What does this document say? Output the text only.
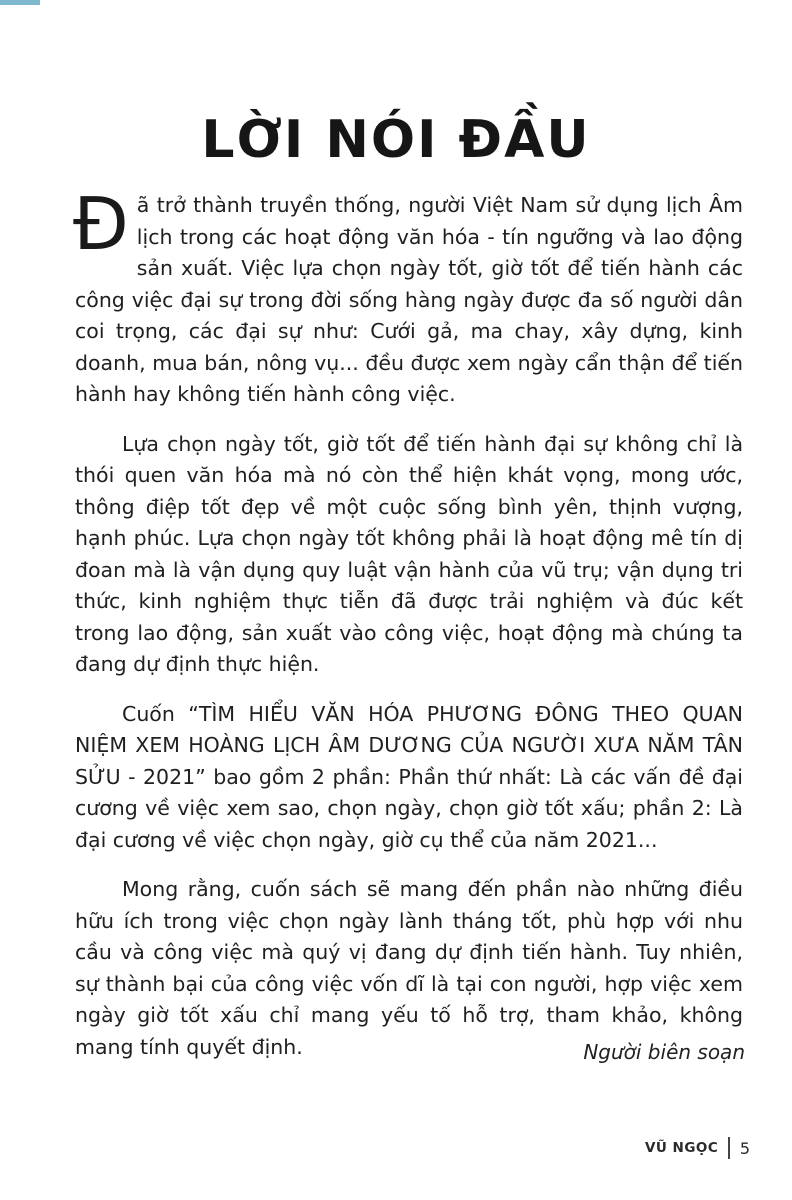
LỜI NÓI ĐẦU

Đã trở thành truyền thống, người Việt Nam sử dụng lịch Âm lịch trong các hoạt động văn hóa - tín ngưỡng và lao động sản xuất. Việc lựa chọn ngày tốt, giờ tốt để tiến hành các công việc đại sự trong đời sống hàng ngày được đa số người dân coi trọng, các đại sự như: Cưới gả, ma chay, xây dựng, kinh doanh, mua bán, nông vụ... đều được xem ngày cẩn thận để tiến hành hay không tiến hành công việc.

Lựa chọn ngày tốt, giờ tốt để tiến hành đại sự không chỉ là thói quen văn hóa mà nó còn thể hiện khát vọng, mong ước, thông điệp tốt đẹp về một cuộc sống bình yên, thịnh vượng, hạnh phúc. Lựa chọn ngày tốt không phải là hoạt động mê tín dị đoan mà là vận dụng quy luật vận hành của vũ trụ; vận dụng tri thức, kinh nghiệm thực tiễn đã được trải nghiệm và đúc kết trong lao động, sản xuất vào công việc, hoạt động mà chúng ta đang dự định thực hiện.

Cuốn “TÌM HIỂU VĂN HÓA PHƯƠNG ĐÔNG THEO QUAN NIỆM XEM HOÀNG LỊCH ÂM DƯƠNG CỦA NGƯỜI XƯA NĂM TÂN SỬU - 2021” bao gồm 2 phần: Phần thứ nhất: Là các vấn đề đại cương về việc xem sao, chọn ngày, chọn giờ tốt xấu; phần 2: Là đại cương về việc chọn ngày, giờ cụ thể của năm 2021...

Mong rằng, cuốn sách sẽ mang đến phần nào những điều hữu ích trong việc chọn ngày lành tháng tốt, phù hợp với nhu cầu và công việc mà quý vị đang dự định tiến hành. Tuy nhiên, sự thành bại của công việc vốn dĩ là tại con người, hợp việc xem ngày giờ tốt xấu chỉ mang yếu tố hỗ trợ, tham khảo, không mang tính quyết định.	Người biên soạn
VŨ NGỌC 5
